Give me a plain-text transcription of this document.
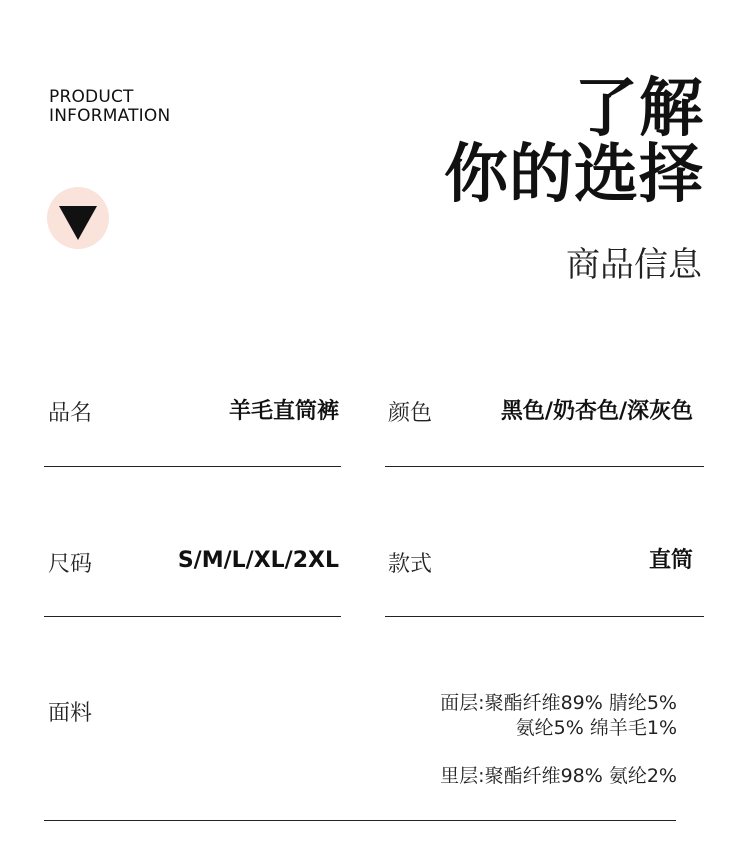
PRODUCT
INFORMATION	了解
你的选择
商品信息
品名	羊毛直筒裤 颜色	黑色/奶杏色/深灰色
尺码	S/M/L/XL/2XL 款式	直筒
面料	面层:聚酯纤维89% 腈纶5%
氨纶5% 绵羊毛1%
里层:聚酯纤维98% 氨纶2%
